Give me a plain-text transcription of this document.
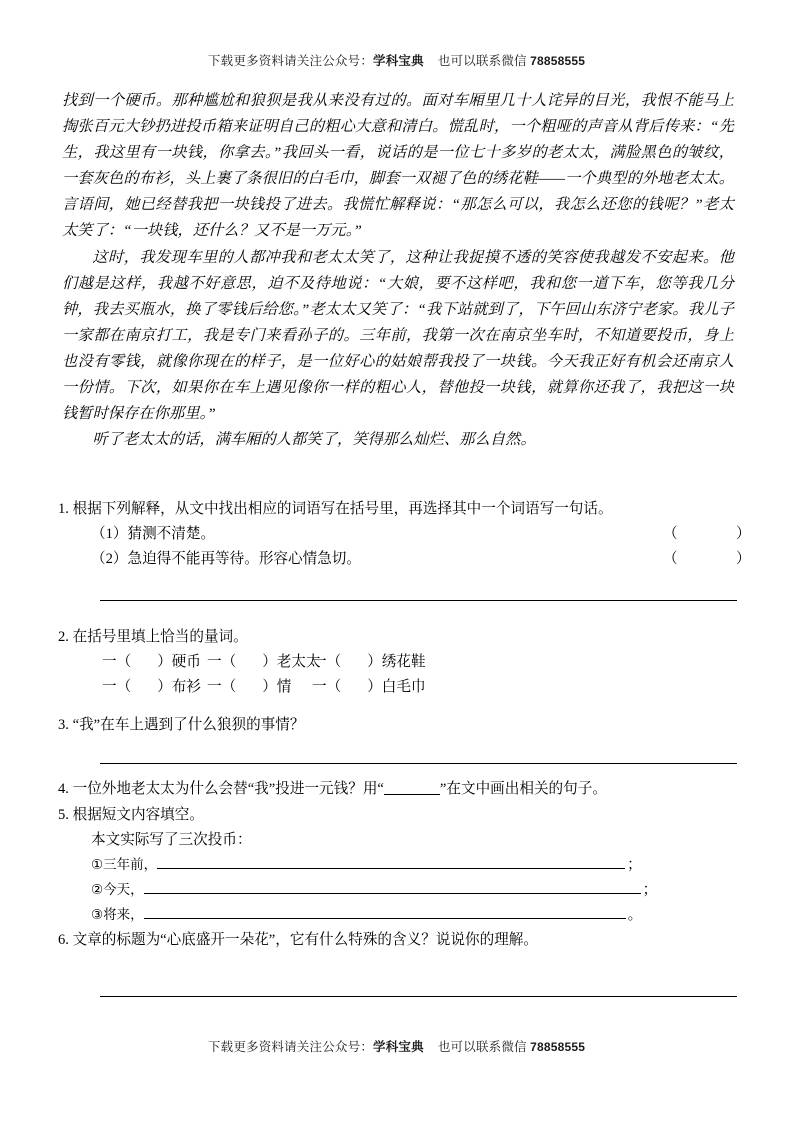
下载更多资料请关注公众号：学科宝典 也可以联系微信 78858555

找到一个硬币。那种尴尬和狼狈是我从来没有过的。面对车厢里几十人诧异的目光，我恨不能马上掏张百元大钞扔进投币箱来证明自己的粗心大意和清白。慌乱时，一个粗哑的声音从背后传来：“先生，我这里有一块钱，你拿去。”我回头一看，说话的是一位七十多岁的老太太，满脸黑色的皱纹，一套灰色的布衫，头上裹了条很旧的白毛巾，脚套一双褪了色的绣花鞋——一个典型的外地老太太。言语间，她已经替我把一块钱投了进去。我慌忙解释说：“那怎么可以，我怎么还您的钱呢？”老太太笑了：“一块钱，还什么？又不是一万元。”

这时，我发现车里的人都冲我和老太太笑了，这种让我捉摸不透的笑容使我越发不安起来。他们越是这样，我越不好意思，迫不及待地说：“大娘，要不这样吧，我和您一道下车，您等我几分钟，我去买瓶水，换了零钱后给您。”老太太又笑了：“我下站就到了，下午回山东济宁老家。我儿子一家都在南京打工，我是专门来看孙子的。三年前，我第一次在南京坐车时，不知道要投币，身上也没有零钱，就像你现在的样子，是一位好心的姑娘帮我投了一块钱。今天我正好有机会还南京人一份情。下次，如果你在车上遇见像你一样的粗心人，替他投一块钱，就算你还我了，我把这一块钱暂时保存在你那里。”

听了老太太的话，满车厢的人都笑了，笑得那么灿烂、那么自然。

1. 根据下列解释，从文中找出相应的词语写在括号里，再选择其中一个词语写一句话。
（1）猜测不清楚。	（	）
（2）急迫得不能再等待。形容心情急切。	（	）
2. 在括号里填上恰当的量词。
一（ ）硬币 一（ ）老太太一（ ）绣花鞋
一（ ）布衫 一（ ）情 一（ ）白毛巾
3. “我”在车上遇到了什么狼狈的事情？
4. 一位外地老太太为什么会替“我”投进一元钱？用“	”在文中画出相关的句子。
5. 根据短文内容填空。
本文实际写了三次投币：
①三年前，	；
②今天，	；
③将来，	。
6. 文章的标题为“心底盛开一朵花”，它有什么特殊的含义？说说你的理解。
下载更多资料请关注公众号：学科宝典 也可以联系微信 78858555
